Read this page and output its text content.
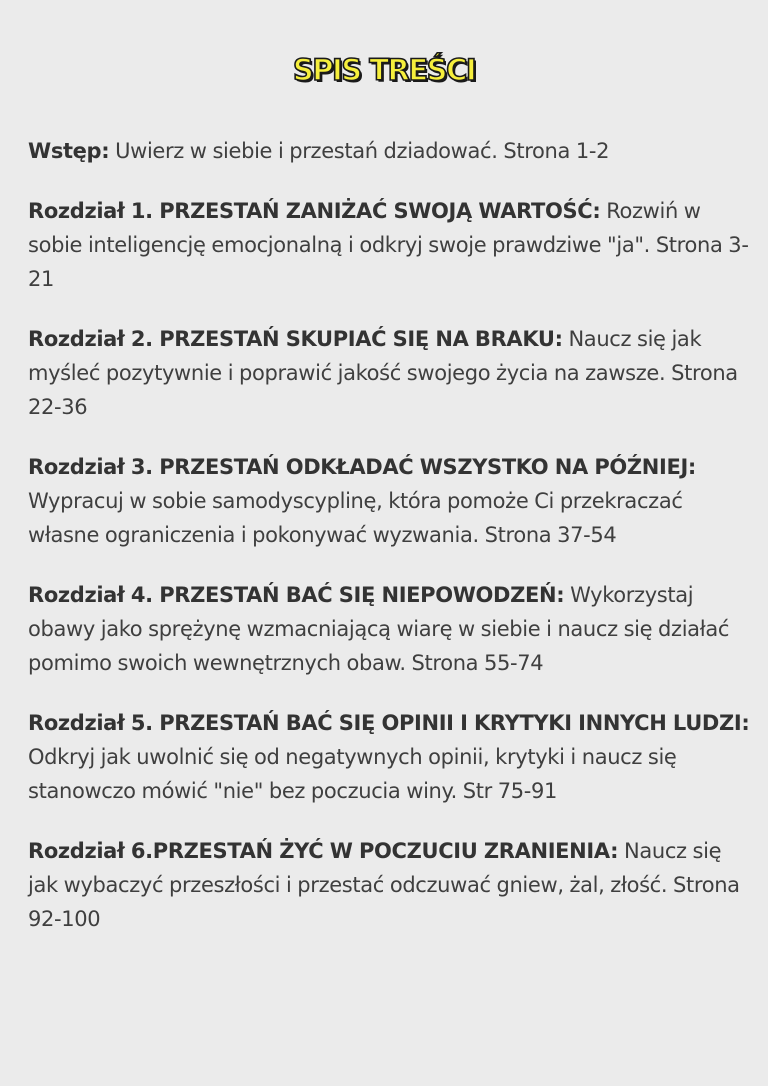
SPIS TREŚCI

Wstęp: Uwierz w siebie i przestań dziadować. Strona 1-2

Rozdział 1. PRZESTAŃ ZANIŻAĆ SWOJĄ WARTOŚĆ: Rozwiń w sobie inteligencję emocjonalną i odkryj swoje prawdziwe "ja". Strona 3-21

Rozdział 2. PRZESTAŃ SKUPIAĆ SIĘ NA BRAKU: Naucz się jak myśleć pozytywnie i poprawić jakość swojego życia na zawsze. Strona 22-36

Rozdział 3. PRZESTAŃ ODKŁADAĆ WSZYSTKO NA PÓŹNIEJ: Wypracuj w sobie samodyscyplinę, która pomoże Ci przekraczać własne ograniczenia i pokonywać wyzwania. Strona 37-54

Rozdział 4. PRZESTAŃ BAĆ SIĘ NIEPOWODZEŃ: Wykorzystaj obawy jako sprężynę wzmacniającą wiarę w siebie i naucz się działać pomimo swoich wewnętrznych obaw. Strona 55-74

Rozdział 5. PRZESTAŃ BAĆ SIĘ OPINII I KRYTYKI INNYCH LUDZI: Odkryj jak uwolnić się od negatywnych opinii, krytyki i naucz się stanowczo mówić "nie" bez poczucia winy. Str 75-91

Rozdział 6.PRZESTAŃ ŻYĆ W POCZUCIU ZRANIENIA: Naucz się jak wybaczyć przeszłości i przestać odczuwać gniew, żal, złość. Strona 92-100
